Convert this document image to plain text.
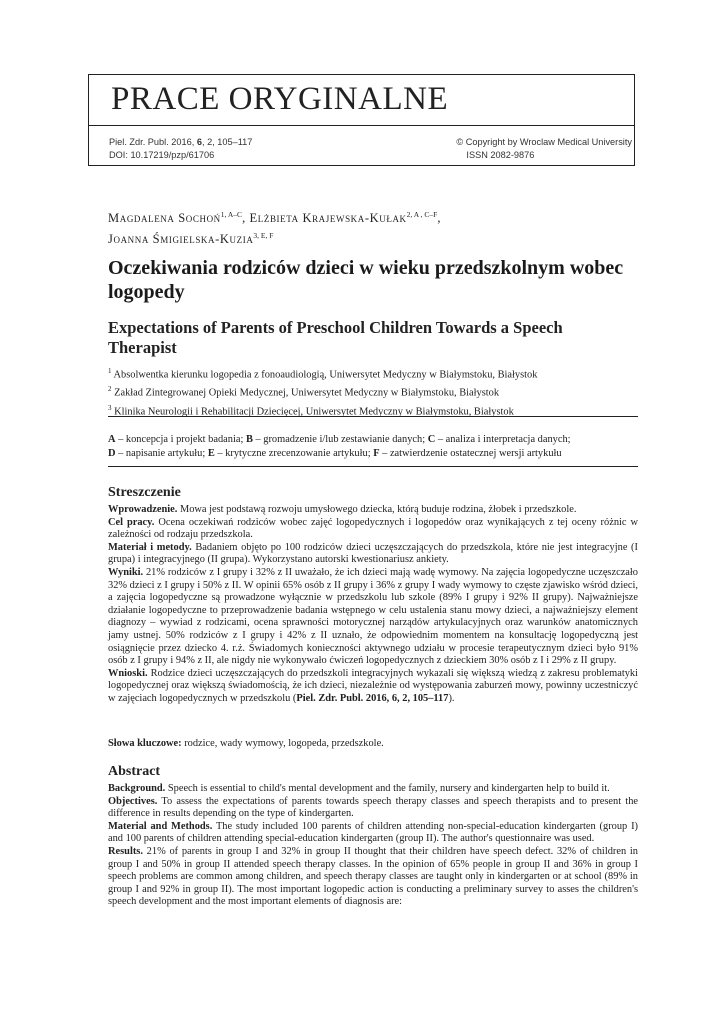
PRACE ORYGINALNE
Piel. Zdr. Publ. 2016, 6, 2, 105–117
DOI: 10.17219/pzp/61706
© Copyright by Wroclaw Medical University
ISSN 2082-9876
Magdalena Sochoń$^{1, A-C}$, Elżbieta Krajewska-Kułak$^{2, A , C-F}$,
Joanna Śmigielska-Kuzia$^{3, E, F}$
Oczekiwania rodziców dzieci w wieku przedszkolnym wobec logopedy
Expectations of Parents of Preschool Children Towards a Speech Therapist
$^1$ Absolwentka kierunku logopedia z fonoaudiologią, Uniwersytet Medyczny w Białymstoku, Białystok
$^2$ Zakład Zintegrowanej Opieki Medycznej, Uniwersytet Medyczny w Białymstoku, Białystok
$^3$ Klinika Neurologii i Rehabilitacji Dziecięcej, Uniwersytet Medyczny w Białymstoku, Białystok
A – koncepcja i projekt badania; B – gromadzenie i/lub zestawianie danych; C – analiza i interpretacja danych;
D – napisanie artykułu; E – krytyczne zrecenzowanie artykułu; F – zatwierdzenie ostatecznej wersji artykułu
Streszczenie

Wprowadzenie. Mowa jest podstawą rozwoju umysłowego dziecka, którą buduje rodzina, żłobek i przedszkole.

Cel pracy. Ocena oczekiwań rodziców wobec zajęć logopedycznych i logopedów oraz wynikających z tej oceny różnic w zależności od rodzaju przedszkola.

Materiał i metody. Badaniem objęto po 100 rodziców dzieci uczęszczających do przedszkola, które nie jest integracyjne (I grupa) i integracyjnego (II grupa). Wykorzystano autorski kwestionariusz ankiety.

Wyniki. 21% rodziców z I grupy i 32% z II uważało, że ich dzieci mają wadę wymowy. Na zajęcia logopedyczne uczęszczało 32% dzieci z I grupy i 50% z II. W opinii 65% osób z II grupy i 36% z grupy I wady wymowy to częste zjawisko wśród dzieci, a zajęcia logopedyczne są prowadzone wyłącznie w przedszkolu lub szkole (89% I grupy i 92% II grupy). Najważniejsze działanie logopedyczne to przeprowadzenie badania wstępnego w celu ustalenia stanu mowy dzieci, a najważniejszy element diagnozy – wywiad z rodzicami, ocena sprawności motorycznej narządów artykulacyjnych oraz warunków anatomicznych jamy ustnej. 50% rodziców z I grupy i 42% z II uznało, że odpowiednim momentem na konsultację logopedyczną jest osiągnięcie przez dziecko 4. r.ż. Świadomych konieczności aktywnego udziału w procesie terapeutycznym dzieci było 91% osób z I grupy i 94% z II, ale nigdy nie wykonywało ćwiczeń logopedycznych z dzieckiem 30% osób z I i 29% z II grupy.

Wnioski. Rodzice dzieci uczęszczających do przedszkoli integracyjnych wykazali się większą wiedzą z zakresu problematyki logopedycznej oraz większą świadomością, że ich dzieci, niezależnie od występowania zaburzeń mowy, powinny uczestniczyć w zajęciach logopedycznych w przedszkolu (Piel. Zdr. Publ. 2016, 6, 2, 105–117).

Słowa kluczowe: rodzice, wady wymowy, logopeda, przedszkole.

Abstract

Background. Speech is essential to child's mental development and the family, nursery and kindergarten help to build it.

Objectives. To assess the expectations of parents towards speech therapy classes and speech therapists and to present the difference in results depending on the type of kindergarten.

Material and Methods. The study included 100 parents of children attending non-special-education kindergarten (group I) and 100 parents of children attending special-education kindergarten (group II). The author's questionnaire was used.

Results. 21% of parents in group I and 32% in group II thought that their children have speech defect. 32% of children in group I and 50% in group II attended speech therapy classes. In the opinion of 65% people in group II and 36% in group I speech problems are common among children, and speech therapy classes are taught only in kindergarten or at school (89% in group I and 92% in group II). The most important logopedic action is conducting a preliminary survey to asses the children's speech development and the most important elements of diagnosis are:
